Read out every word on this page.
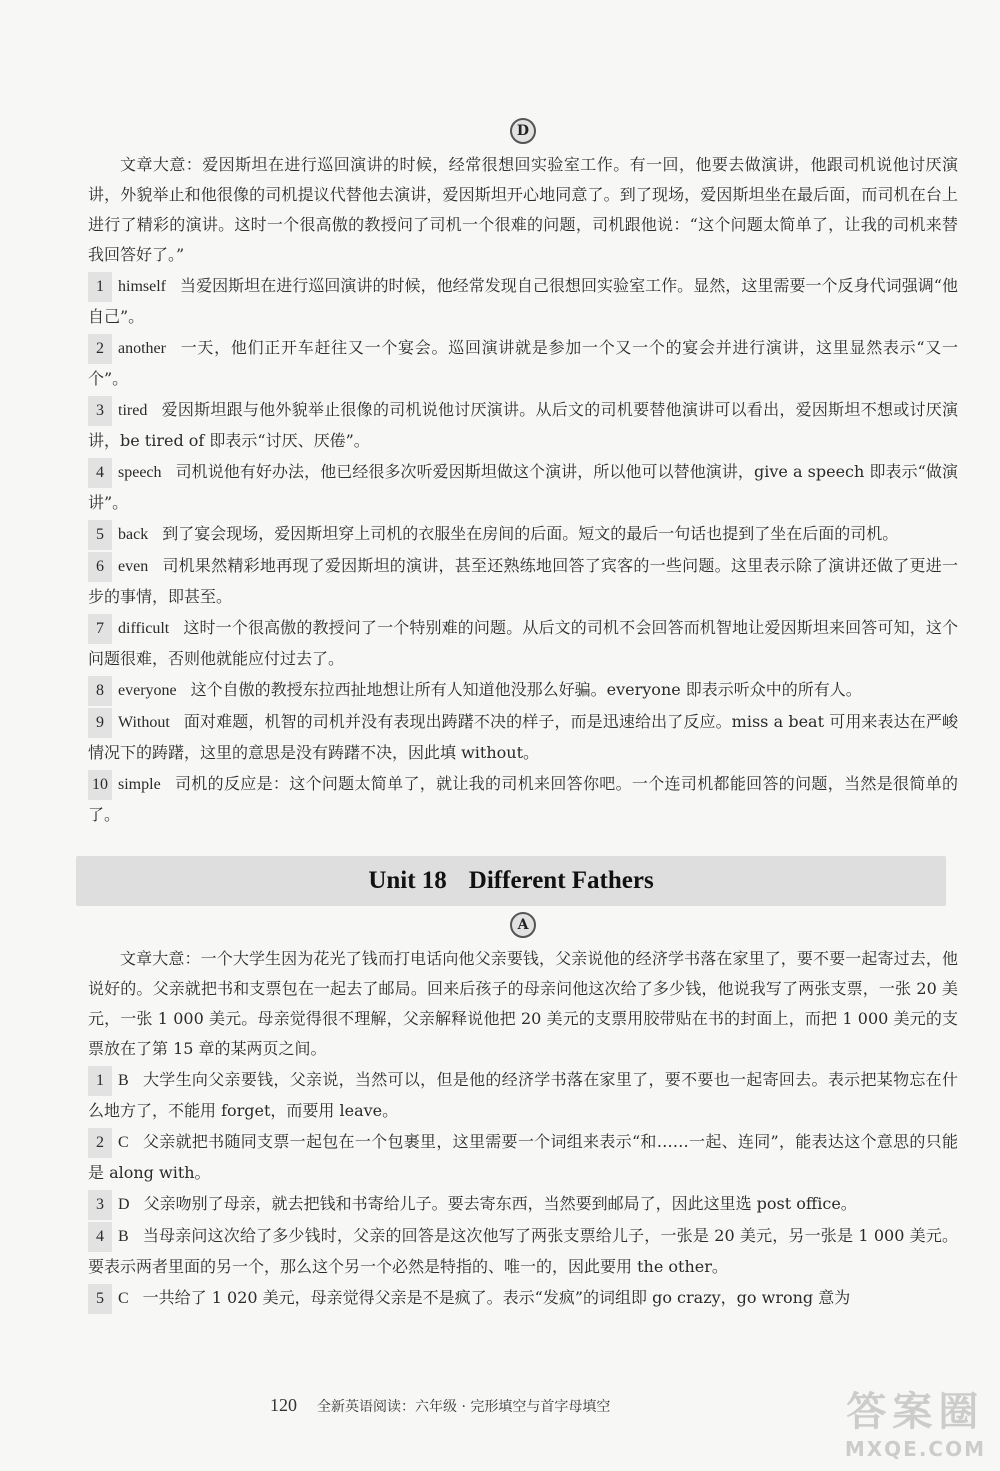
D

文章大意：爱因斯坦在进行巡回演讲的时候，经常很想回实验室工作。有一回，他要去做演讲，他跟司机说他讨厌演讲，外貌举止和他很像的司机提议代替他去演讲，爱因斯坦开心地同意了。到了现场，爱因斯坦坐在最后面，而司机在台上进行了精彩的演讲。这时一个很高傲的教授问了司机一个很难的问题，司机跟他说：“这个问题太简单了，让我的司机来替我回答好了。”

1 himself 当爱因斯坦在进行巡回演讲的时候，他经常发现自己很想回实验室工作。显然，这里需要一个反身代词强调“他自己”。

2 another 一天，他们正开车赶往又一个宴会。巡回演讲就是参加一个又一个的宴会并进行演讲，这里显然表示“又一个”。

3 tired 爱因斯坦跟与他外貌举止很像的司机说他讨厌演讲。从后文的司机要替他演讲可以看出，爱因斯坦不想或讨厌演讲，be tired of 即表示“讨厌、厌倦”。

4 speech 司机说他有好办法，他已经很多次听爱因斯坦做这个演讲，所以他可以替他演讲，give a speech 即表示“做演讲”。

5 back 到了宴会现场，爱因斯坦穿上司机的衣服坐在房间的后面。短文的最后一句话也提到了坐在后面的司机。

6 even 司机果然精彩地再现了爱因斯坦的演讲，甚至还熟练地回答了宾客的一些问题。这里表示除了演讲还做了更进一步的事情，即甚至。

7 difficult 这时一个很高傲的教授问了一个特别难的问题。从后文的司机不会回答而机智地让爱因斯坦来回答可知，这个问题很难，否则他就能应付过去了。

8 everyone 这个自傲的教授东拉西扯地想让所有人知道他没那么好骗。everyone 即表示听众中的所有人。

9 Without 面对难题，机智的司机并没有表现出踌躇不决的样子，而是迅速给出了反应。miss a beat 可用来表达在严峻情况下的踌躇，这里的意思是没有踌躇不决，因此填 without。

10 simple 司机的反应是：这个问题太简单了，就让我的司机来回答你吧。一个连司机都能回答的问题，当然是很简单的了。

Unit 18 Different Fathers
A

文章大意：一个大学生因为花光了钱而打电话向他父亲要钱，父亲说他的经济学书落在家里了，要不要一起寄过去，他说好的。父亲就把书和支票包在一起去了邮局。回来后孩子的母亲问他这次给了多少钱，他说我写了两张支票，一张 20 美元，一张 1 000 美元。母亲觉得很不理解，父亲解释说他把 20 美元的支票用胶带贴在书的封面上，而把 1 000 美元的支票放在了第 15 章的某两页之间。

1 B 大学生向父亲要钱，父亲说，当然可以，但是他的经济学书落在家里了，要不要也一起寄回去。表示把某物忘在什么地方了，不能用 forget，而要用 leave。

2 C 父亲就把书随同支票一起包在一个包裹里，这里需要一个词组来表示“和……一起、连同”，能表达这个意思的只能是 along with。

3 D 父亲吻别了母亲，就去把钱和书寄给儿子。要去寄东西，当然要到邮局了，因此这里选 post office。

4 B 当母亲问这次给了多少钱时，父亲的回答是这次他写了两张支票给儿子，一张是 20 美元，另一张是 1 000 美元。要表示两者里面的另一个，那么这个另一个必然是特指的、唯一的，因此要用 the other。

5 C 一共给了 1 020 美元，母亲觉得父亲是不是疯了。表示“发疯”的词组即 go crazy，go wrong 意为

120 全新英语阅读：六年级 · 完形填空与首字母填空	答案圈
MXQE.COM
